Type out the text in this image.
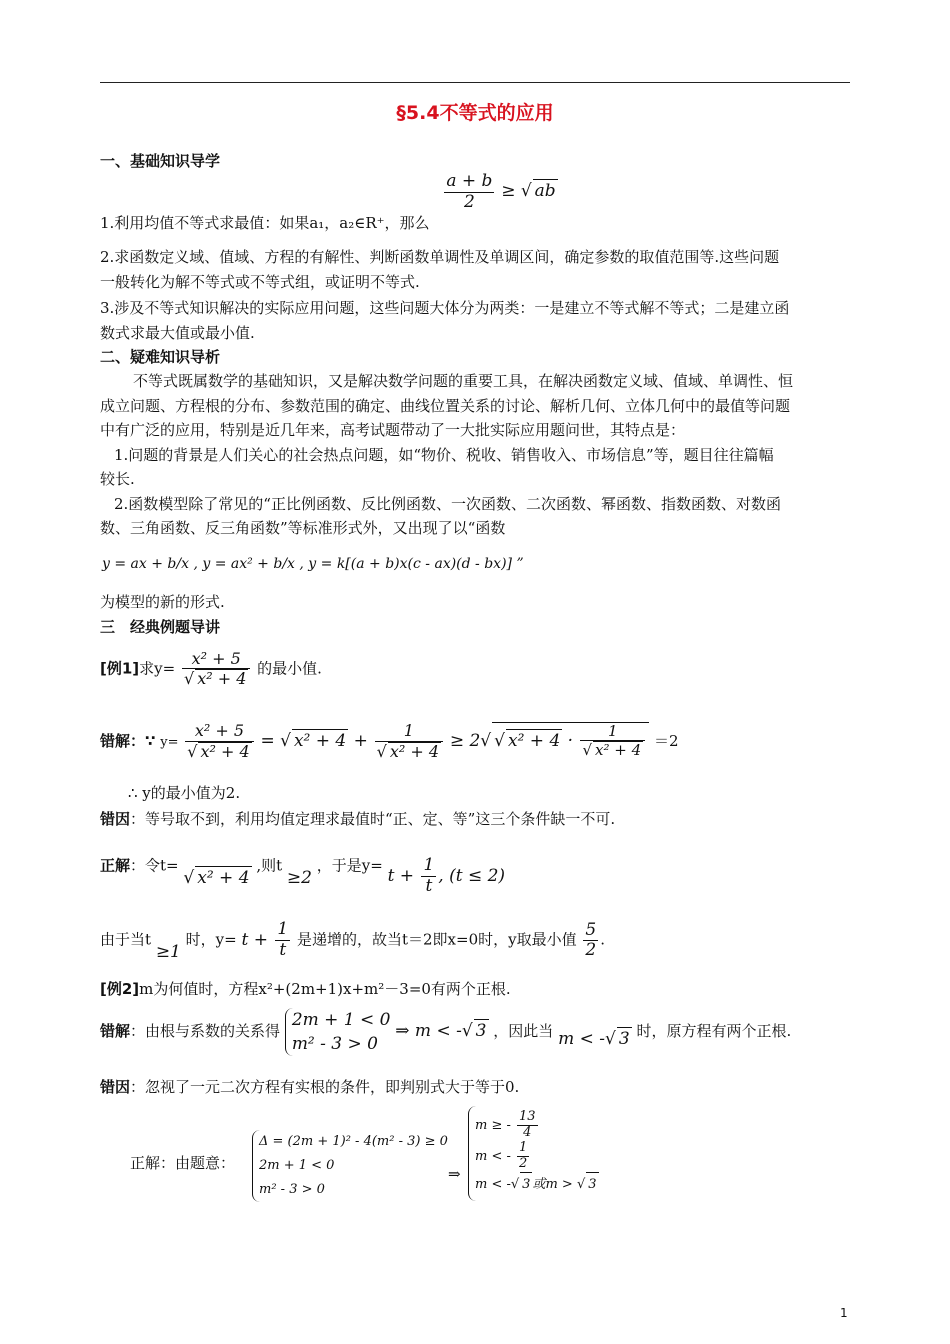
§5.4不等式的应用
一、基础知识导学
1.利用均值不等式求最值：如果a₁，a₂∈R⁺，那么
$\frac{a + b}{2}$ ≥ √ ab
2.求函数定义域、值域、方程的有解性、判断函数单调性及单调区间，确定参数的取值范围等.这些问题
一般转化为解不等式或不等式组，或证明不等式.
3.涉及不等式知识解决的实际应用问题，这些问题大体分为两类：一是建立不等式解不等式；二是建立函
数式求最大值或最小值.
二、疑难知识导析
不等式既属数学的基础知识，又是解决数学问题的重要工具，在解决函数定义域、值域、单调性、恒
成立问题、方程根的分布、参数范围的确定、曲线位置关系的讨论、解析几何、立体几何中的最值等问题
中有广泛的应用，特别是近几年来，高考试题带动了一大批实际应用题问世，其特点是：
1.问题的背景是人们关心的社会热点问题，如“物价、税收、销售收入、市场信息”等，题目往往篇幅
较长.
2.函数模型除了常见的“正比例函数、反比例函数、一次函数、二次函数、幂函数、指数函数、对数函
数、三角函数、反三角函数”等标准形式外，又出现了以“函数
y = ax + b/x , y = ax² + b/x , y = k[(a + b)x(c - ax)(d - bx)] ”
为模型的新的形式.
三　经典例题导讲
[例1]求$y= \frac{\text{x² + 5}}{\text{√ x² + 4}}$ 的最小值.
错解：∵ $y= \frac{\text{x² + 5}}{\text{√ x² + 4}}$ = √ $x^2 + 4 + \frac{1}{\text{√ x² + 4}} \ge 2√$ √ $x^2 + 4 \cdot \frac{1}{\text{√ x² + 4}} =2$
∴ y的最小值为2.
错因：等号取不到，利用均值定理求最值时“正、定、等”这三个条件缺一不可.
正解：令t= √ x² + 4 ,则t ≥2 ，于是$y= t + \frac{1}{t}$ , (t ≤ 2)
由于当t ≥1 时，$y= t + \frac{1}{t}$ 是递增的，故当t＝2即x=0时，y取最小值 $\frac{5}{2}$ .
[例2]m为何值时，方程x²+(2m+1)x+m²－3=0有两个正根.
错解：由根与系数的关系得
2m + 1 < 0
m² - 3 > 0
⇒ m < -√ 3 ，因此当 m < -√ 3 时，原方程有两个正根.
错因：忽视了一元二次方程有实根的条件，即判别式大于等于0.
正解：由题意：
Δ = (2m + 1)² - 4(m² - 3) ≥ 0
2m + 1 < 0
m² - 3 > 0
⇒
m ≥ - $\frac{13}{4}$
m < - $\frac{1}{2}$
m < -√ 3 或m > √ 3
1
